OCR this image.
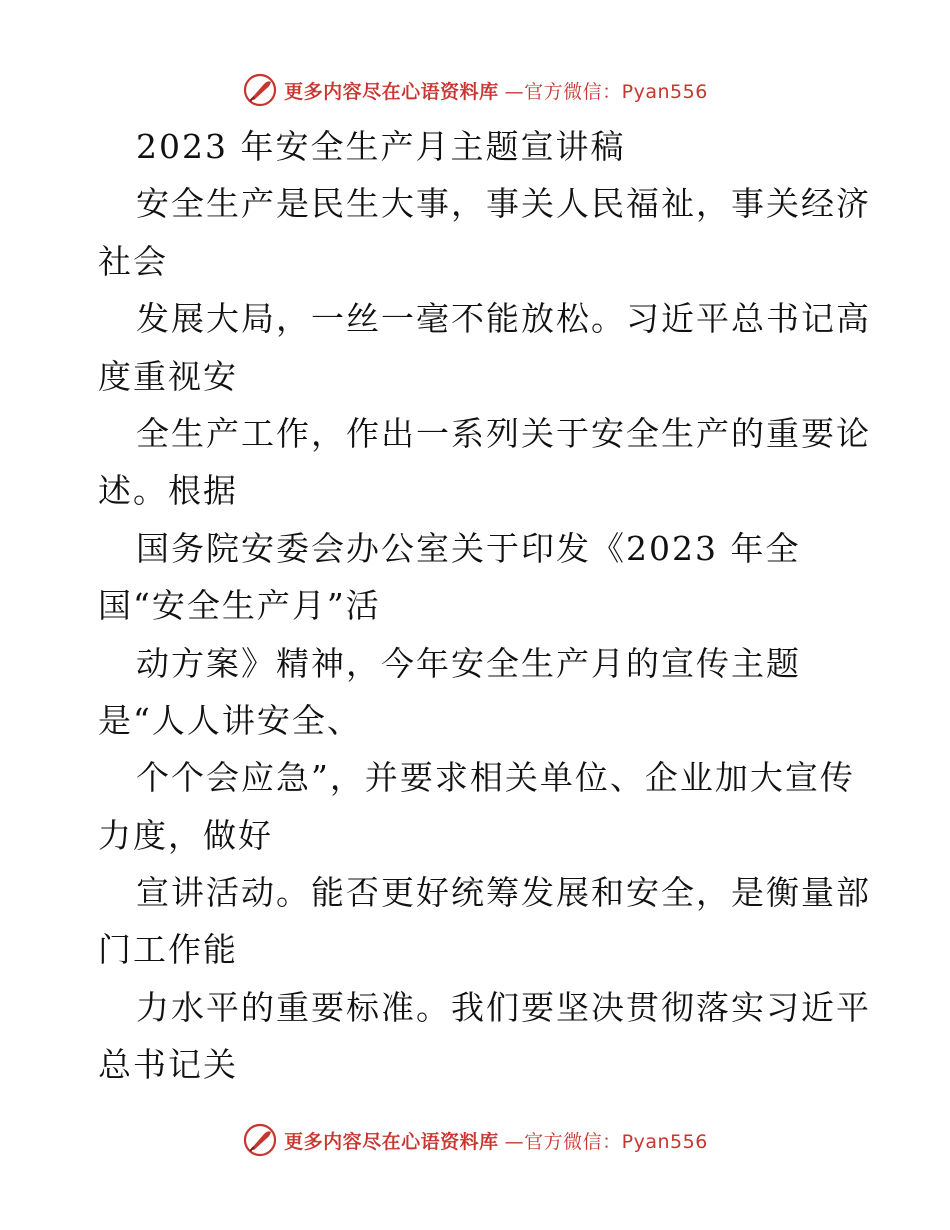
更多内容尽在心语资料库 —官方微信：Pyan556
2023 年安全生产月主题宣讲稿
安全生产是民生大事，事关人民福祉，事关经济
社会
发展大局，一丝一毫不能放松。习近平总书记高
度重视安
全生产工作，作出一系列关于安全生产的重要论
述。根据
国务院安委会办公室关于印发《2023 年全
国“安全生产月”活
动方案》精神，今年安全生产月的宣传主题
是“人人讲安全、
个个会应急”，并要求相关单位、企业加大宣传
力度，做好
宣讲活动。能否更好统筹发展和安全，是衡量部
门工作能
力水平的重要标准。我们要坚决贯彻落实习近平
总书记关
更多内容尽在心语资料库 —官方微信：Pyan556
